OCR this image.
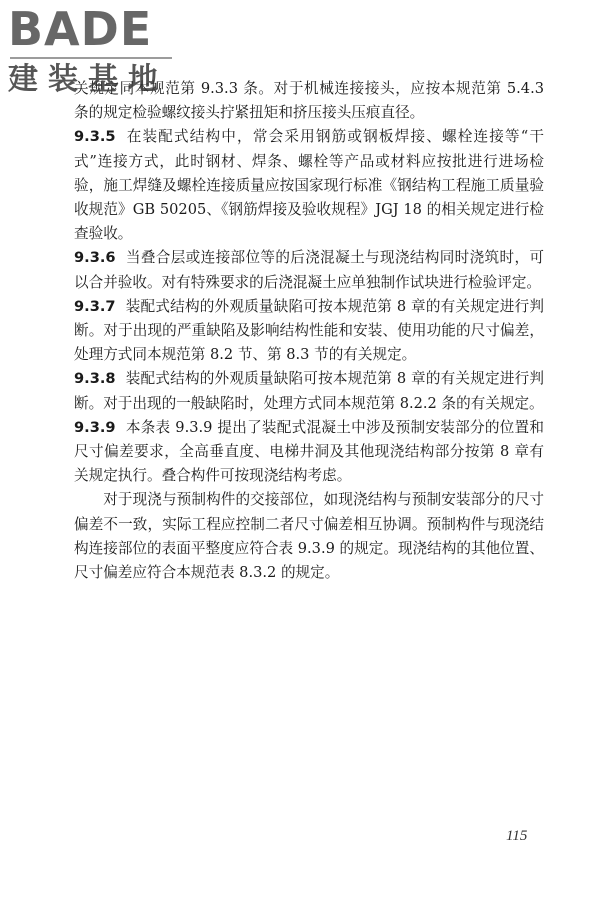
BADE
建装基地

关规定同本规范第 9.3.3 条。对于机械连接接头，应按本规范第 5.4.3 条的规定检验螺纹接头拧紧扭矩和挤压接头压痕直径。

9.3.5 在装配式结构中，常会采用钢筋或钢板焊接、螺栓连接等“干式”连接方式，此时钢材、焊条、螺栓等产品或材料应按批进行进场检验，施工焊缝及螺栓连接质量应按国家现行标准《钢结构工程施工质量验收规范》GB 50205、《钢筋焊接及验收规程》JGJ 18 的相关规定进行检查验收。

9.3.6 当叠合层或连接部位等的后浇混凝土与现浇结构同时浇筑时，可以合并验收。对有特殊要求的后浇混凝土应单独制作试块进行检验评定。

9.3.7 装配式结构的外观质量缺陷可按本规范第 8 章的有关规定进行判断。对于出现的严重缺陷及影响结构性能和安装、使用功能的尺寸偏差，处理方式同本规范第 8.2 节、第 8.3 节的有关规定。

9.3.8 装配式结构的外观质量缺陷可按本规范第 8 章的有关规定进行判断。对于出现的一般缺陷时，处理方式同本规范第 8.2.2 条的有关规定。

9.3.9 本条表 9.3.9 提出了装配式混凝土中涉及预制安装部分的位置和尺寸偏差要求，全高垂直度、电梯井洞及其他现浇结构部分按第 8 章有关规定执行。叠合构件可按现浇结构考虑。

对于现浇与预制构件的交接部位，如现浇结构与预制安装部分的尺寸偏差不一致，实际工程应控制二者尺寸偏差相互协调。预制构件与现浇结构连接部位的表面平整度应符合表 9.3.9 的规定。现浇结构的其他位置、尺寸偏差应符合本规范表 8.3.2 的规定。

115
